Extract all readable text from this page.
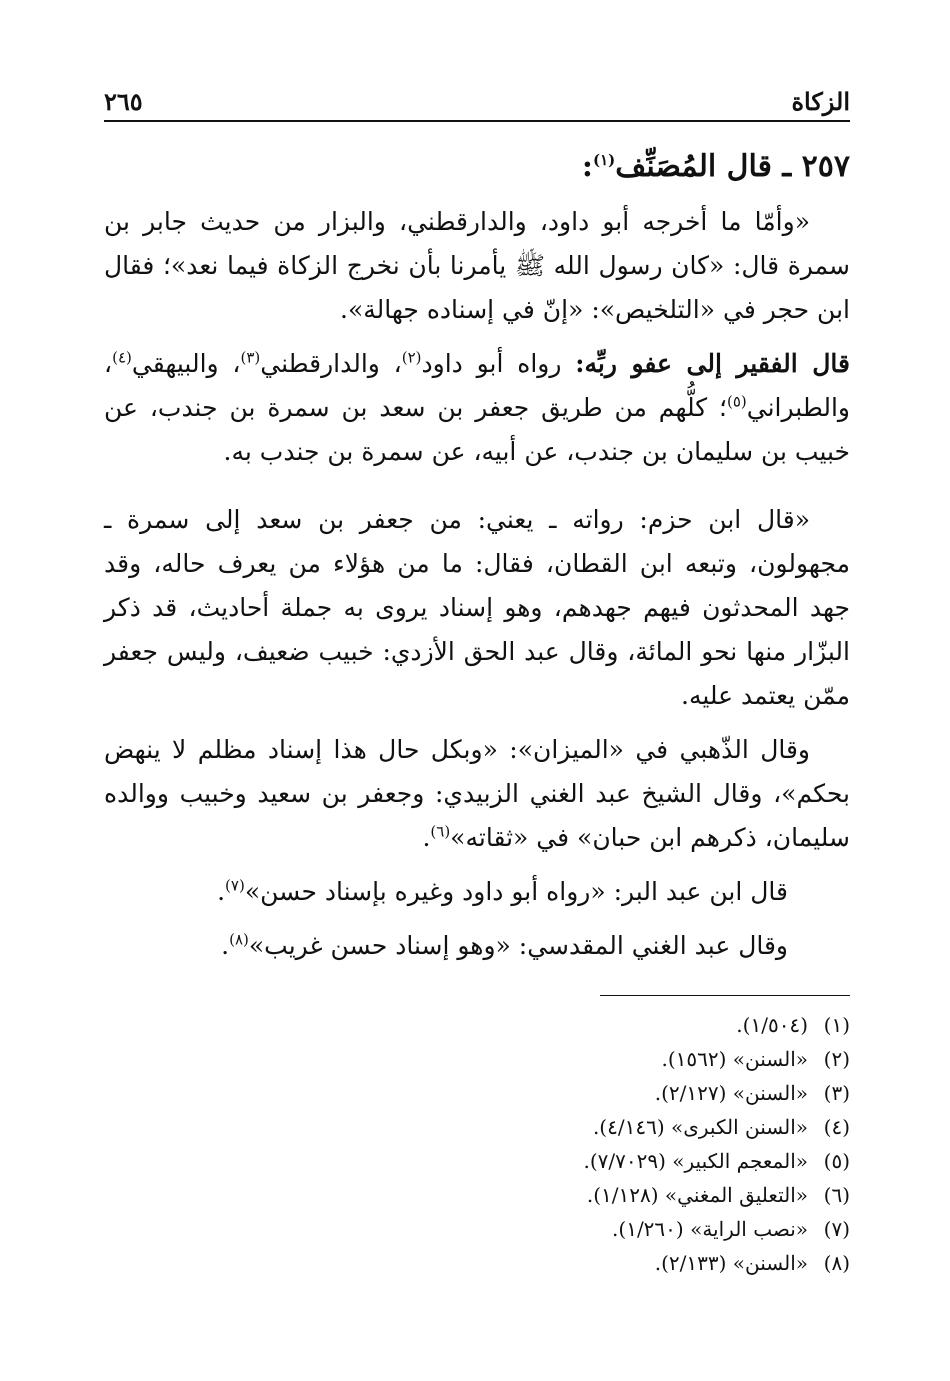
الزكاة
٢٦٥
٢٥٧ ـ قال المُصَنِّف$^{(١)}$:

«وأمّا ما أخرجه أبو داود، والدارقطني، والبزار من حديث جابر بن سمرة قال: «كان رسول الله ﷺ يأمرنا بأن نخرج الزكاة فيما نعد»؛ فقال ابن حجر في «التلخيص»: «إنّ في إسناده جهالة».

قال الفقير إلى عفو ربِّه: رواه أبو داود$^{(٢)}$، والدارقطني$^{(٣)}$، والبيهقي$^{(٤)}$، والطبراني$^{(٥)}$؛ كلُّهم من طريق جعفر بن سعد بن سمرة بن جندب، عن خبيب بن سليمان بن جندب، عن أبيه، عن سمرة بن جندب به.

«قال ابن حزم: رواته ـ يعني: من جعفر بن سعد إلى سمرة ـ مجهولون، وتبعه ابن القطان، فقال: ما من هؤلاء من يعرف حاله، وقد جهد المحدثون فيهم جهدهم، وهو إسناد يروى به جملة أحاديث، قد ذكر البزّار منها نحو المائة، وقال عبد الحق الأزدي: خبيب ضعيف، وليس جعفر ممّن يعتمد عليه.

وقال الذّهبي في «الميزان»: «وبكل حال هذا إسناد مظلم لا ينهض بحكم»، وقال الشيخ عبد الغني الزبيدي: وجعفر بن سعيد وخبيب ووالده سليمان، ذكرهم ابن حبان» في «ثقاته»$^{(٦)}$.

قال ابن عبد البر: «رواه أبو داود وغيره بإسناد حسن»$^{(٧)}$.

وقال عبد الغني المقدسي: «وهو إسناد حسن غريب»$^{(٨)}$.

(١)
(١/٥٠٤).
(٢)
«السنن» (١٥٦٢).
(٣)
«السنن» (٢/١٢٧).
(٤)
«السنن الكبرى» (٤/١٤٦).
(٥)
«المعجم الكبير» (٧/٧٠٢٩).
(٦)
«التعليق المغني» (١/١٢٨).
(٧)
«نصب الراية» (١/٢٦٠).
(٨)
«السنن» (٢/١٣٣).
